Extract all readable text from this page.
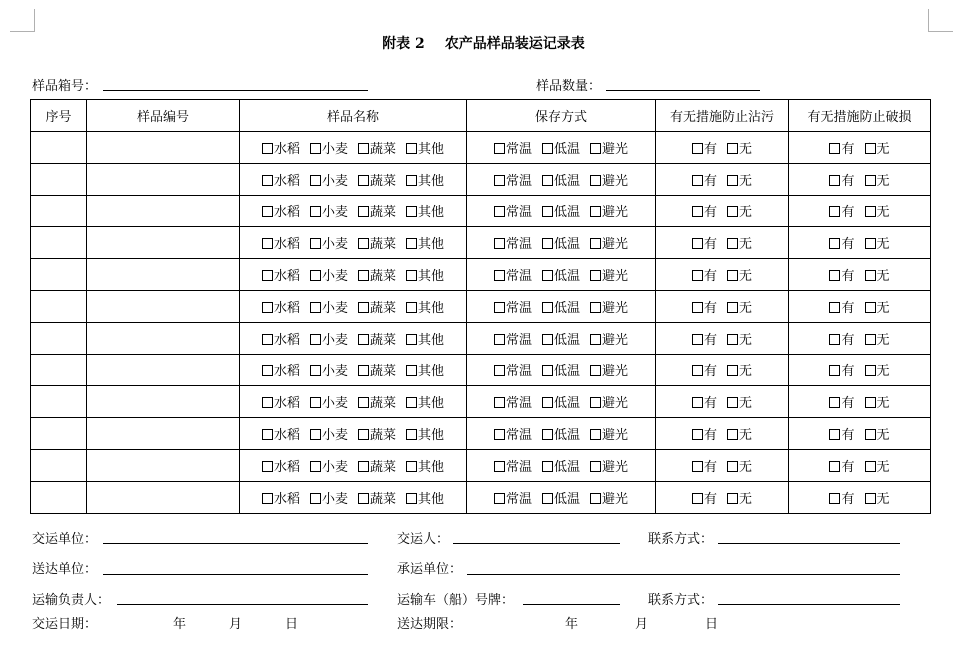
附表 2 农产品样品装运记录表
样品箱号：	样品数量：
序号	样品编号	样品名称	保存方式	有无措施防止沾污	有无措施防止破损
		水稻 小麦 蔬菜 其他	常温 低温 避光	有 无	有 无
		水稻 小麦 蔬菜 其他	常温 低温 避光	有 无	有 无
		水稻 小麦 蔬菜 其他	常温 低温 避光	有 无	有 无
		水稻 小麦 蔬菜 其他	常温 低温 避光	有 无	有 无
		水稻 小麦 蔬菜 其他	常温 低温 避光	有 无	有 无
		水稻 小麦 蔬菜 其他	常温 低温 避光	有 无	有 无
		水稻 小麦 蔬菜 其他	常温 低温 避光	有 无	有 无
		水稻 小麦 蔬菜 其他	常温 低温 避光	有 无	有 无
		水稻 小麦 蔬菜 其他	常温 低温 避光	有 无	有 无
		水稻 小麦 蔬菜 其他	常温 低温 避光	有 无	有 无
		水稻 小麦 蔬菜 其他	常温 低温 避光	有 无	有 无
		水稻 小麦 蔬菜 其他	常温 低温 避光	有 无	有 无
交运单位：	交运人：	联系方式：
送达单位：	承运单位：
运输负责人：	运输车（船）号牌：	联系方式：
交运日期：	年	月	日	送达期限：	年	月	日
